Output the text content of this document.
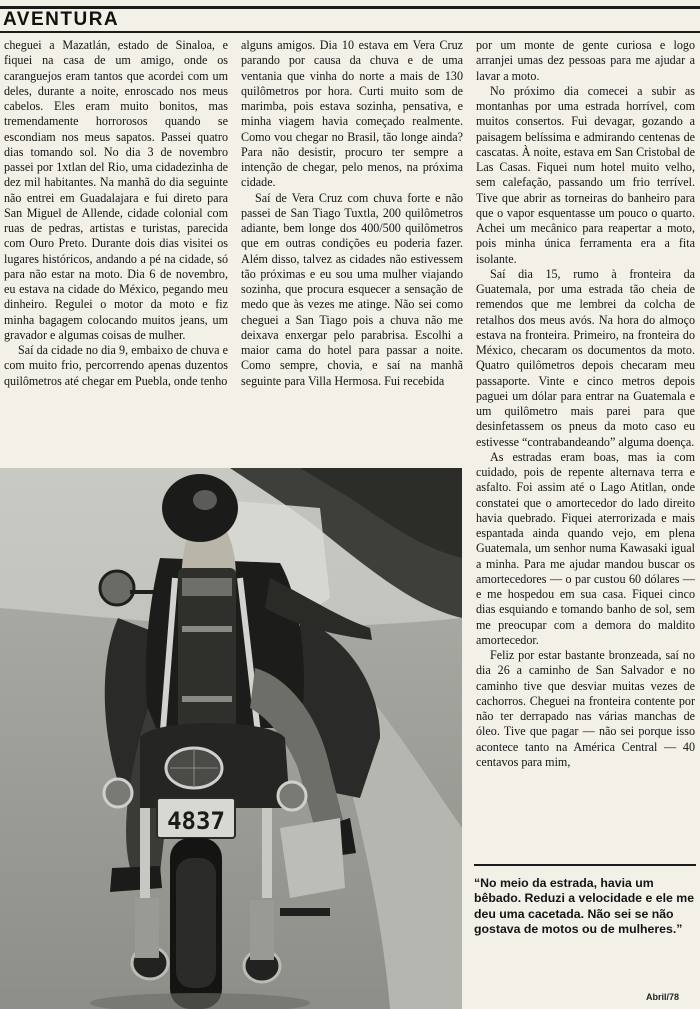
AVENTURA

cheguei a Mazatlán, estado de Sinaloa, e fiquei na casa de um amigo, onde os caranguejos eram tantos que acordei com um deles, durante a noite, enroscado nos meus cabelos. Eles eram muito bonitos, mas tremendamente horrorosos quando se escondiam nos meus sapatos. Passei quatro dias tomando sol. No dia 3 de novembro passei por 1xtlan del Rio, uma cidadezinha de dez mil habitantes. Na manhã do dia seguinte não entrei em Guadalajara e fui direto para San Miguel de Allende, cidade colonial com ruas de pedras, artistas e turistas, parecida com Ouro Preto. Durante dois dias visitei os lugares históricos, andando a pé na cidade, só para não estar na moto. Dia 6 de novembro, eu estava na cidade do México, pegando meu dinheiro. Regulei o motor da moto e fiz minha bagagem colocando muitos jeans, um gravador e algumas coisas de mulher.

Saí da cidade no dia 9, embaixo de chuva e com muito frio, percorrendo apenas duzentos quilômetros até chegar em Puebla, onde tenho

alguns amigos. Dia 10 estava em Vera Cruz parando por causa da chuva e de uma ventania que vinha do norte a mais de 130 quilômetros por hora. Curti muito som de marimba, pois estava sozinha, pensativa, e minha viagem havia começado realmente. Como vou chegar no Brasil, tão longe ainda? Para não desistir, procuro ter sempre a intenção de chegar, pelo menos, na próxima cidade.

Saí de Vera Cruz com chuva forte e não passei de San Tiago Tuxtla, 200 quilômetros adiante, bem longe dos 400/500 quilômetros que em outras condições eu poderia fazer. Além disso, talvez as cidades não estivessem tão próximas e eu sou uma mulher viajando sozinha, que procura esquecer a sensação de medo que às vezes me atinge. Não sei como cheguei a San Tiago pois a chuva não me deixava enxergar pelo parabrisa. Escolhi a maior cama do hotel para passar a noite. Como sempre, chovia, e saí na manhã seguinte para Villa Hermosa. Fui recebida

por um monte de gente curiosa e logo arranjei umas dez pessoas para me ajudar a lavar a moto.

No próximo dia comecei a subir as montanhas por uma estrada horrível, com muitos consertos. Fui devagar, gozando a paisagem belíssima e admirando centenas de cascatas. À noite, estava em San Cristobal de Las Casas. Fiquei num hotel muito velho, sem calefação, passando um frio terrível. Tive que abrir as torneiras do banheiro para que o vapor esquentasse um pouco o quarto. Achei um mecânico para reapertar a moto, pois minha única ferramenta era a fita isolante.

Saí dia 15, rumo à fronteira da Guatemala, por uma estrada tão cheia de remendos que me lembrei da colcha de retalhos dos meus avós. Na hora do almoço estava na fronteira. Primeiro, na fronteira do México, checaram os documentos da moto. Quatro quilômetros depois checaram meu passaporte. Vinte e cinco metros depois paguei um dólar para entrar na Guatemala e um quilômetro mais parei para que desinfetassem os pneus da moto caso eu estivesse “contrabandeando” alguma doença.

As estradas eram boas, mas ia com cuidado, pois de repente alternava terra e asfalto. Foi assim até o Lago Atitlan, onde constatei que o amortecedor do lado direito havia quebrado. Fiquei aterrorizada e mais espantada ainda quando vejo, em plena Guatemala, um senhor numa Kawasaki igual a minha. Para me ajudar mandou buscar os amortecedores — o par custou 60 dólares — e me hospedou em sua casa. Fiquei cinco dias esquiando e tomando banho de sol, sem me preocupar com a demora do maldito amortecedor.

Feliz por estar bastante bronzeada, saí no dia 26 a caminho de San Salvador e no caminho tive que desviar muitas vezes de cachorros. Cheguei na fronteira contente por não ter derrapado nas várias manchas de óleo. Tive que pagar — não sei porque isso acontece tanto na América Central — 40 centavos para mim,

4837

“No meio da estrada, havia um bêbado. Reduzi a velocidade e ele me deu uma cacetada. Não sei se não gostava de motos ou de mulheres.”

Abril/78
